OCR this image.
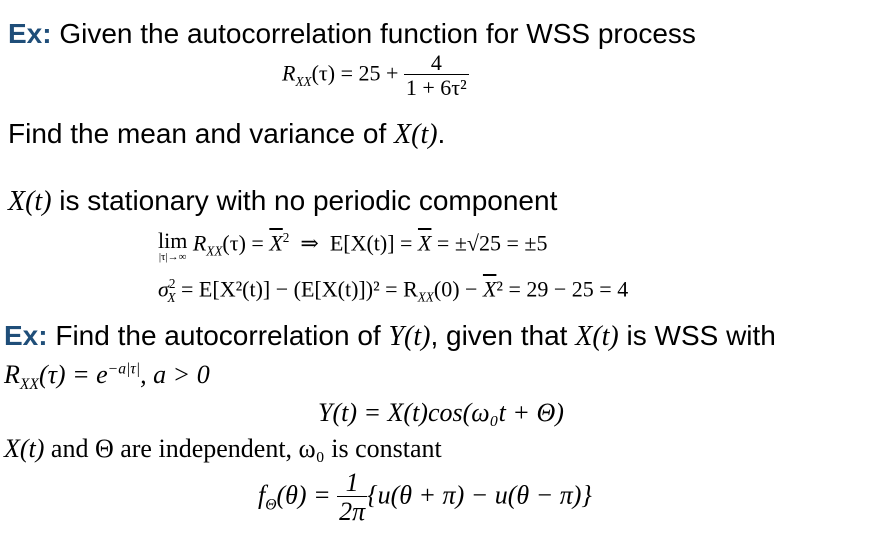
Ex: Given the autocorrelation function for WSS process
$R_{XX}(\tau) = 25 + \frac{4}{\text{1 + 6τ²}}$
Find the mean and variance of X(t).
X(t) is stationary with no periodic component
lim
|τ|→∞
$R_{XX}(\tau) = \overline{X}^2$  ⇒  $E[X(t)] = \overline{X} = \pm√25 = \pm 5$
$\sigma^2_X = E[X^2(t)] - (E[X(t)])^2 = R_{XX}(0) - \overline{X}^2 = 29 - 25 = 4$
Ex: Find the autocorrelation of Y(t), given that X(t) is WSS with
$R_{XX}(\tau) = e^{-a|\tau|}$, a > 0
Y(t) = X(t)cos(ω₀t + Θ)
X(t) and Θ are independent, ω₀ is constant
$f_\Theta(\theta) = \frac{1}{2\pi} \{u(\theta + \pi) - u(\theta - \pi)\}$
